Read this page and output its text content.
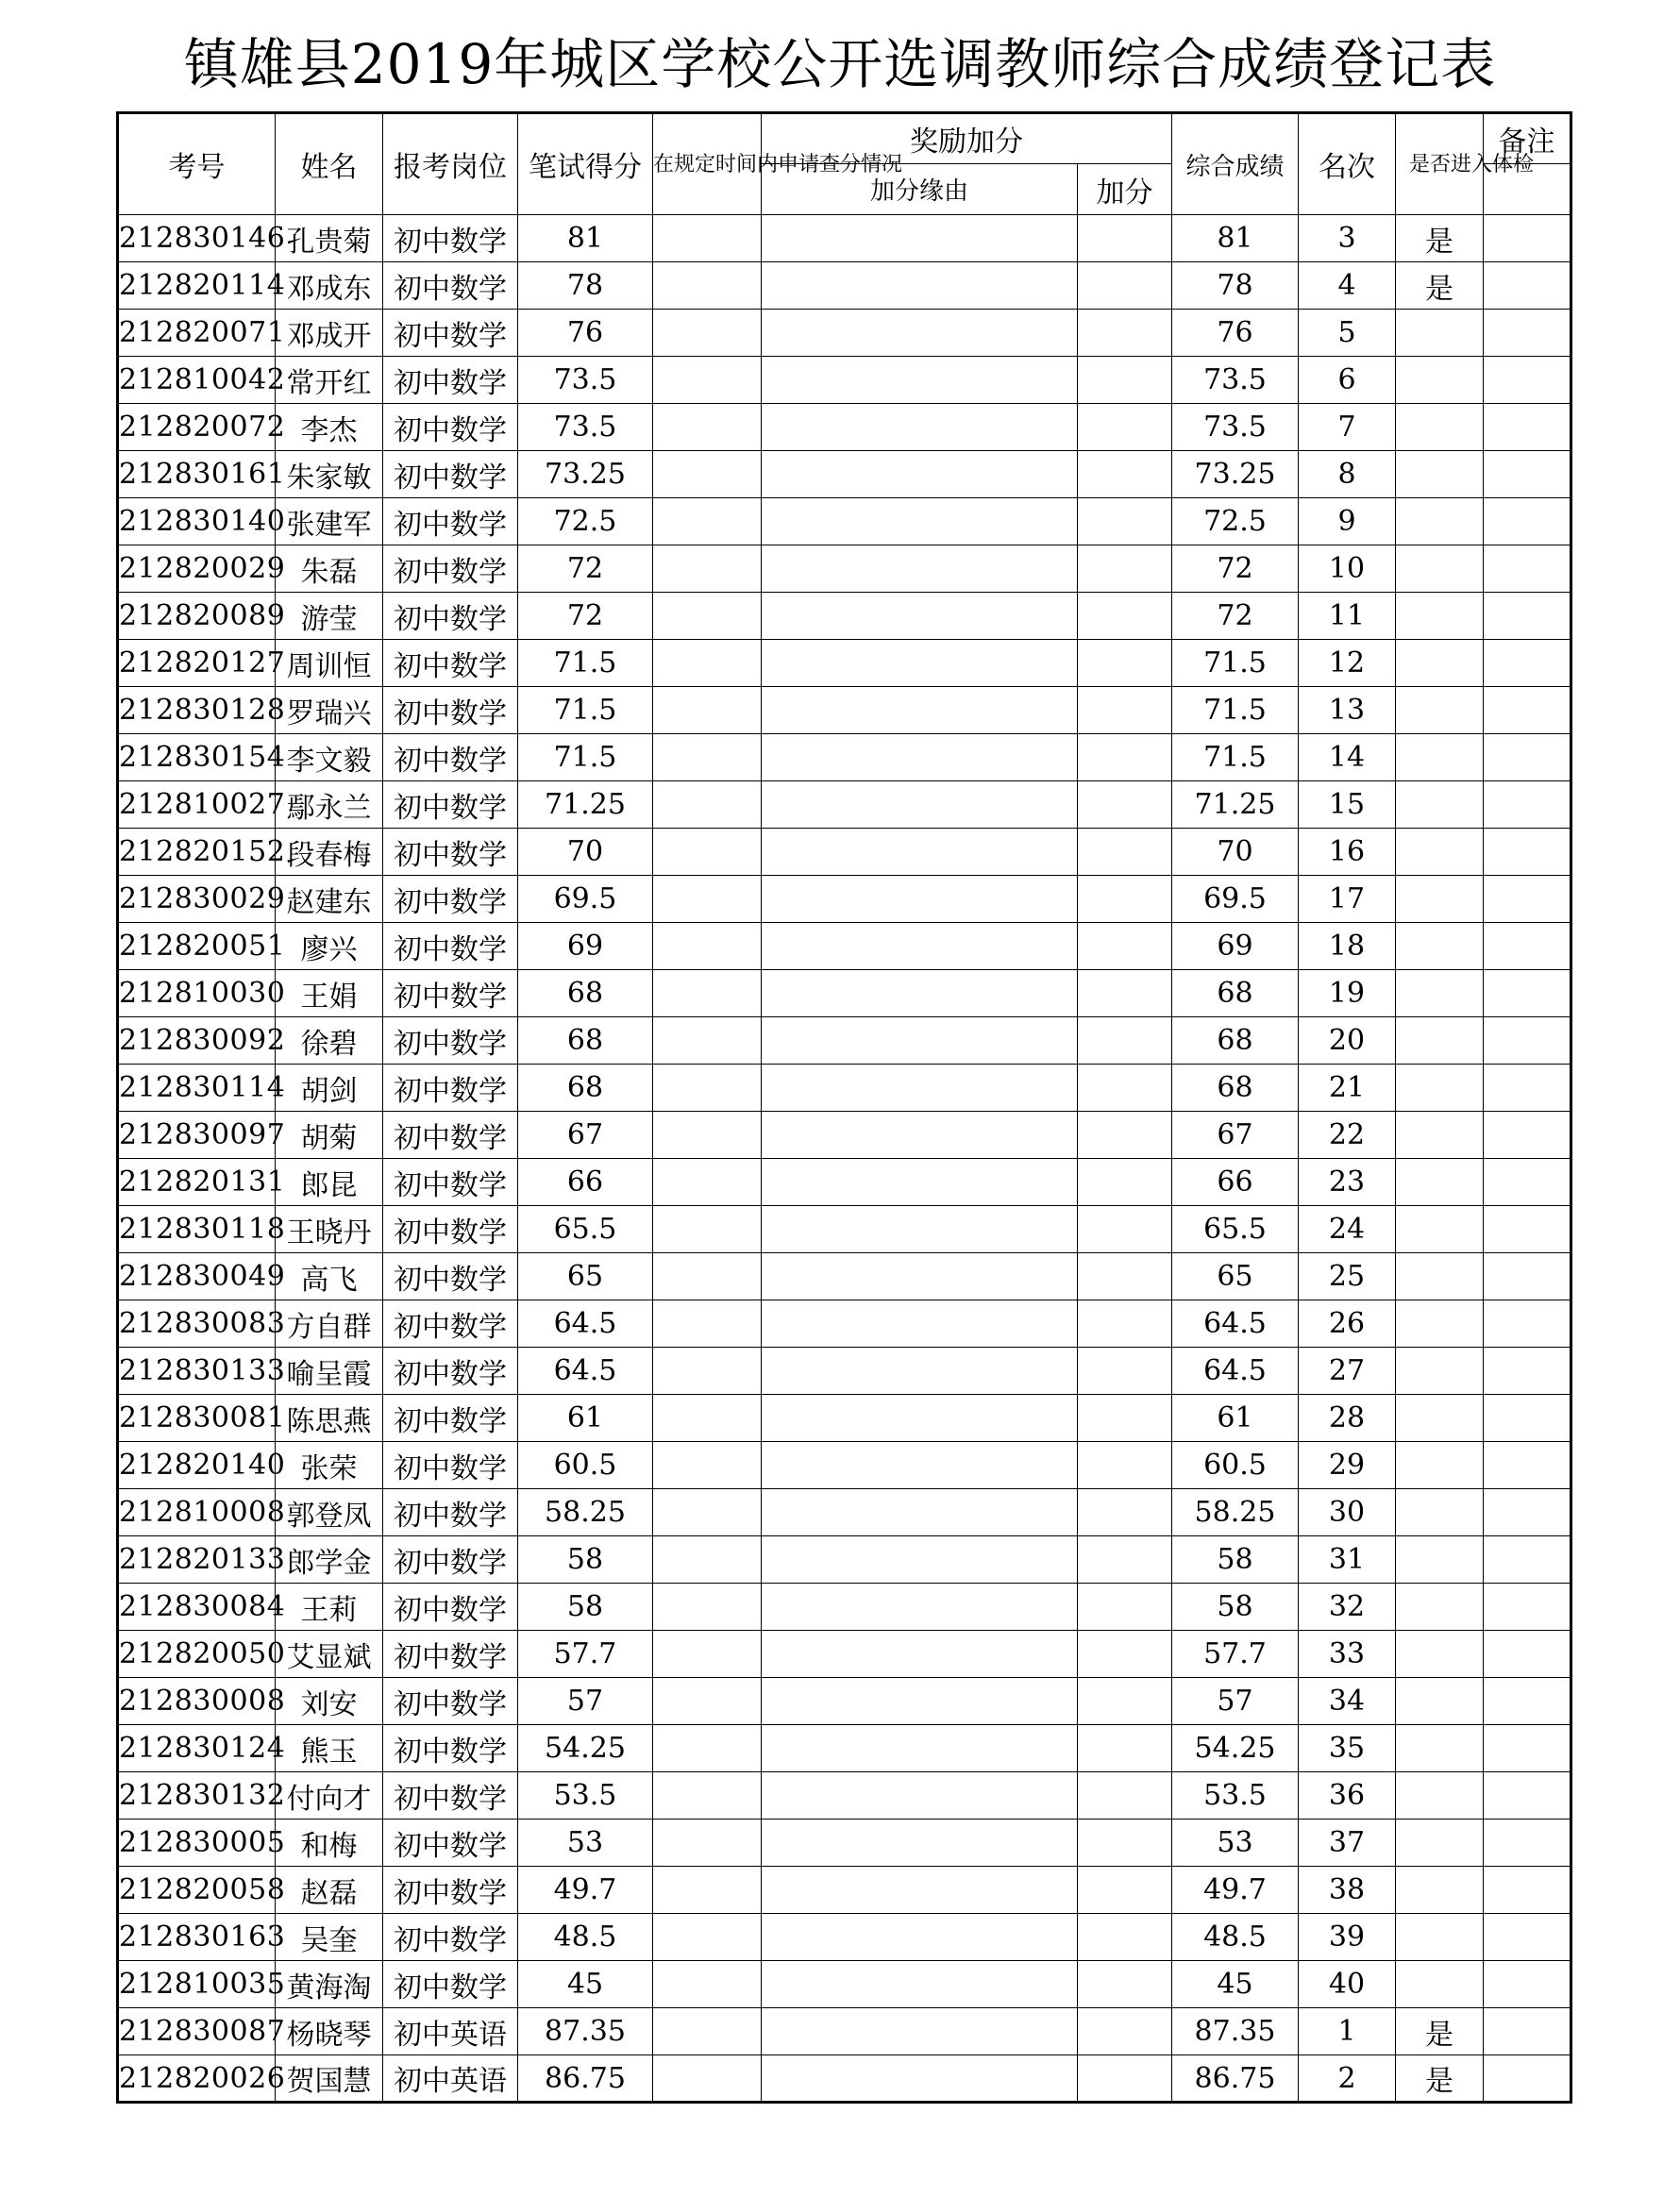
镇雄县2019年城区学校公开选调教师综合成绩登记表
考号	姓名	报考岗位	笔试得分	在规定时间内申请查分情况	奖励加分		综合成绩	名次	是否进入体检	备注
					加分缘由	加分				
212830146	孔贵菊	初中数学	81				81	3	是	
212820114	邓成东	初中数学	78				78	4	是	
212820071	邓成开	初中数学	76				76	5		
212810042	常开红	初中数学	73.5				73.5	6		
212820072	李杰	初中数学	73.5				73.5	7		
212830161	朱家敏	初中数学	73.25				73.25	8		
212830140	张建军	初中数学	72.5				72.5	9		
212820029	朱磊	初中数学	72				72	10		
212820089	游莹	初中数学	72				72	11		
212820127	周训恒	初中数学	71.5				71.5	12		
212830128	罗瑞兴	初中数学	71.5				71.5	13		
212830154	李文毅	初中数学	71.5				71.5	14		
212810027	鄢永兰	初中数学	71.25				71.25	15		
212820152	段春梅	初中数学	70				70	16		
212830029	赵建东	初中数学	69.5				69.5	17		
212820051	廖兴	初中数学	69				69	18		
212810030	王娟	初中数学	68				68	19		
212830092	徐碧	初中数学	68				68	20		
212830114	胡剑	初中数学	68				68	21		
212830097	胡菊	初中数学	67				67	22		
212820131	郎昆	初中数学	66				66	23		
212830118	王晓丹	初中数学	65.5				65.5	24		
212830049	高飞	初中数学	65				65	25		
212830083	方自群	初中数学	64.5				64.5	26		
212830133	喻呈霞	初中数学	64.5				64.5	27		
212830081	陈思燕	初中数学	61				61	28		
212820140	张荣	初中数学	60.5				60.5	29		
212810008	郭登凤	初中数学	58.25				58.25	30		
212820133	郎学金	初中数学	58				58	31		
212830084	王莉	初中数学	58				58	32		
212820050	艾显斌	初中数学	57.7				57.7	33		
212830008	刘安	初中数学	57				57	34		
212830124	熊玉	初中数学	54.25				54.25	35		
212830132	付向才	初中数学	53.5				53.5	36		
212830005	和梅	初中数学	53				53	37		
212820058	赵磊	初中数学	49.7				49.7	38		
212830163	吴奎	初中数学	48.5				48.5	39		
212810035	黄海淘	初中数学	45				45	40		
212830087	杨晓琴	初中英语	87.35				87.35	1	是	
212820026	贺国慧	初中英语	86.75				86.75	2	是	
